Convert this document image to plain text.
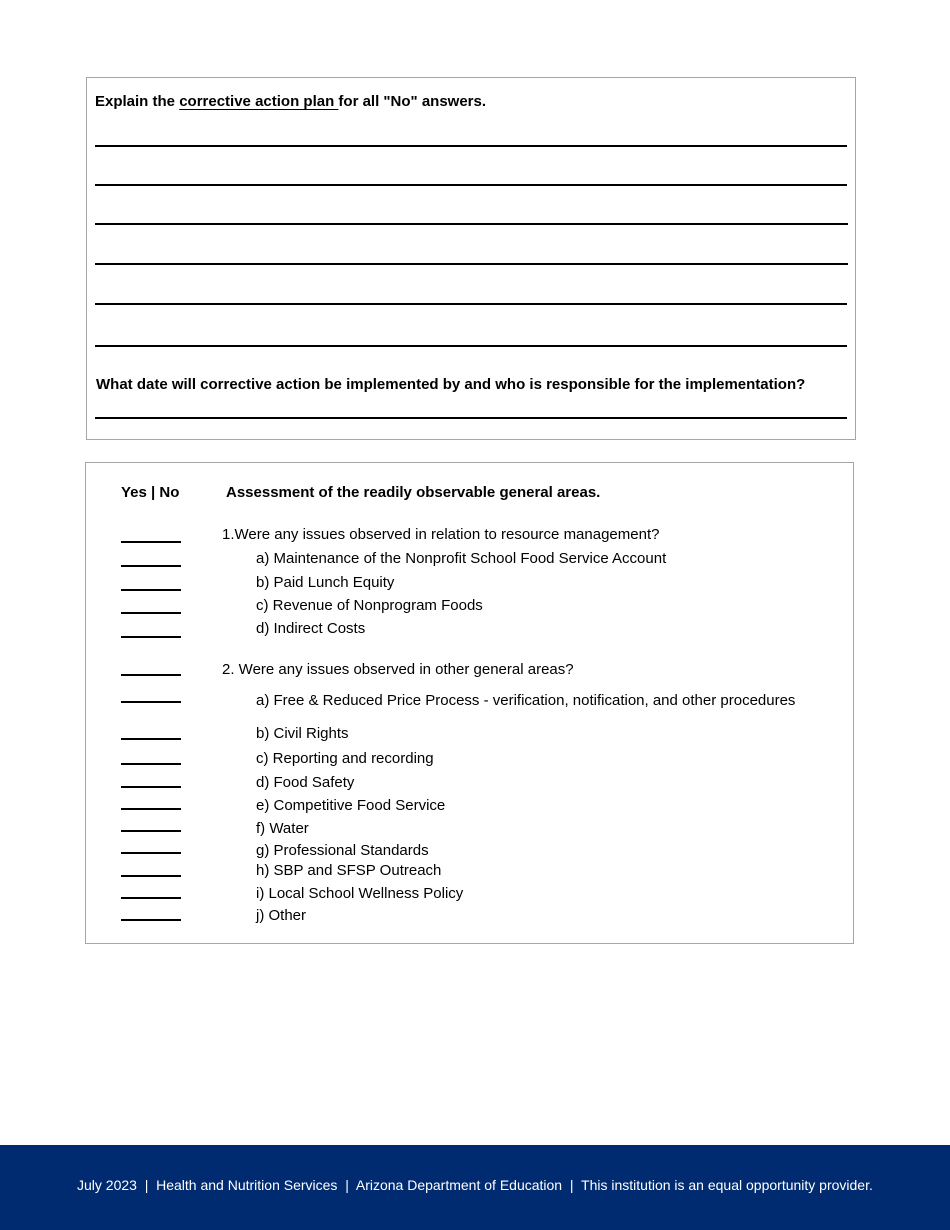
Explain the corrective action plan for all "No" answers.
What date will corrective action be implemented by and who is responsible for the implementation?
Yes | No	Assessment of the readily observable general areas.
1.Were any issues observed in relation to resource management?
a) Maintenance of the Nonprofit School Food Service Account
b) Paid Lunch Equity
c) Revenue of Nonprogram Foods
d) Indirect Costs
2. Were any issues observed in other general areas?
a) Free & Reduced Price Process - verification, notification, and other procedures
b) Civil Rights
c) Reporting and recording
d) Food Safety
e) Competitive Food Service
f) Water
g) Professional Standards
h) SBP and SFSP Outreach
i) Local School Wellness Policy
j) Other
July 2023  |  Health and Nutrition Services  |  Arizona Department of Education  |  This institution is an equal opportunity provider.
